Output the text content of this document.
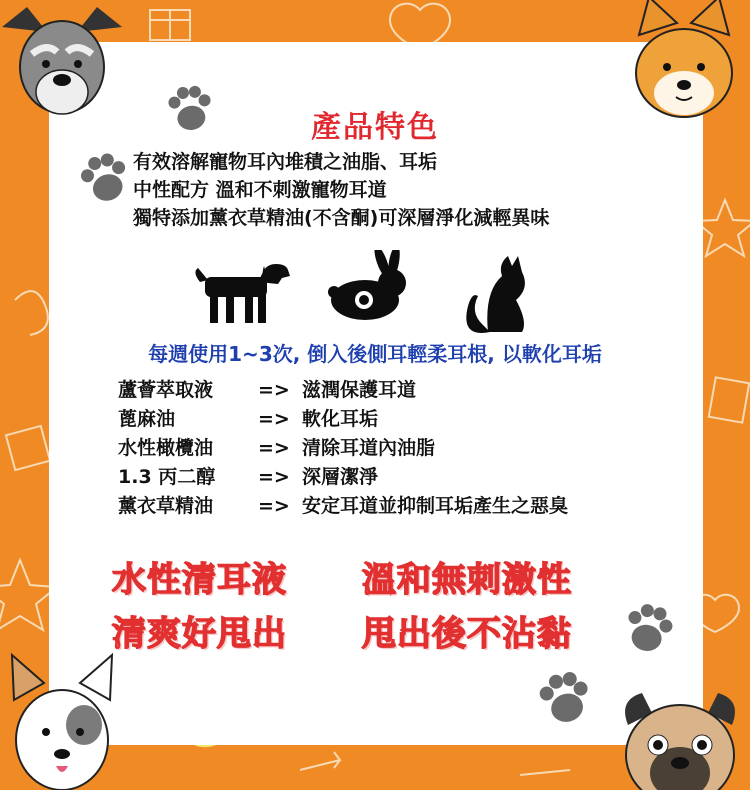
產品特色
有效溶解寵物耳內堆積之油脂、耳垢
中性配方 溫和不刺激寵物耳道
獨特添加薰衣草精油(不含酮)可深層淨化減輕異味
每週使用1~3次, 倒入後側耳輕柔耳根, 以軟化耳垢
蘆薈萃取液 => 滋潤保護耳道
蓖麻油	=> 軟化耳垢
水性橄欖油 => 清除耳道內油脂
1.3 丙二醇 => 深層潔淨
薰衣草精油 => 安定耳道並抑制耳垢產生之惡臭
水性清耳液 溫和無刺激性
清爽好甩出 甩出後不沾黏
